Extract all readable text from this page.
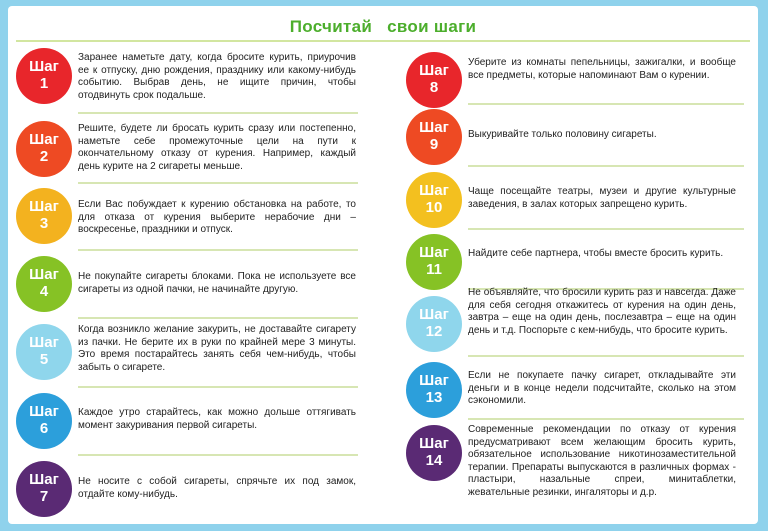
Посчитай   свои шаги
Шаг
1
Заранее наметьте дату, когда бросите курить, приурочив ее к отпуску, дню рождения, празднику или какому-нибудь событию. Выбрав день, не ищите причин, чтобы отодвинуть срок подальше.
Шаг
2
Решите, будете ли бросать курить сразу или постепенно, наметьте себе промежуточные цели на пути к окончательному отказу от курения. Например, каждый день курите на 2 сигареты меньше.
Шаг
3
Если Вас побуждает к курению обстановка на работе, то для отказа от курения выберите нерабочие дни – воскресенье, праздники и отпуск.
Шаг
4
Не покупайте сигареты блоками. Пока не используете все сигареты из одной пачки, не начинайте другую.
Шаг
5
Когда возникло желание закурить, не доставайте сигарету из пачки. Не берите их в руки по крайней мере 3 минуты. Это время постарайтесь занять себя чем-нибудь, чтобы забыть о сигарете.
Шаг
6
Каждое утро старайтесь, как можно дольше оттягивать момент закуривания первой сигареты.
Шаг
7
Не носите с собой сигареты, спрячьте их под замок, отдайте кому-нибудь.
Шаг
8
Уберите из комнаты пепельницы, зажигалки, и вообще все предметы, которые напоминают Вам о курении.
Шаг
9
Выкуривайте только половину сигареты.
Шаг
10
Чаще посещайте театры, музеи и другие культурные заведения, в залах которых запрещено курить.
Шаг
11
Найдите себе партнера, чтобы вместе бросить курить.
Шаг
12
Не объявляйте, что бросили курить раз и навсегда. Даже для себя сегодня откажитесь от курения на один день, завтра – еще на один день, послезавтра – еще на один день и т.д. Поспорьте с кем-нибудь, что бросите курить.
Шаг
13
Если не покупаете пачку сигарет, откладывайте эти деньги и в конце недели подсчитайте, сколько на этом сэкономили.
Шаг
14
Современные рекомендации по отказу от курения предусматривают всем желающим бросить курить, обязательное использование никотинозаместительной терапии. Препараты выпускаются в различных формах - пластыри, назальные спреи, минитаблетки, жевательные резинки, ингаляторы и д.р.
